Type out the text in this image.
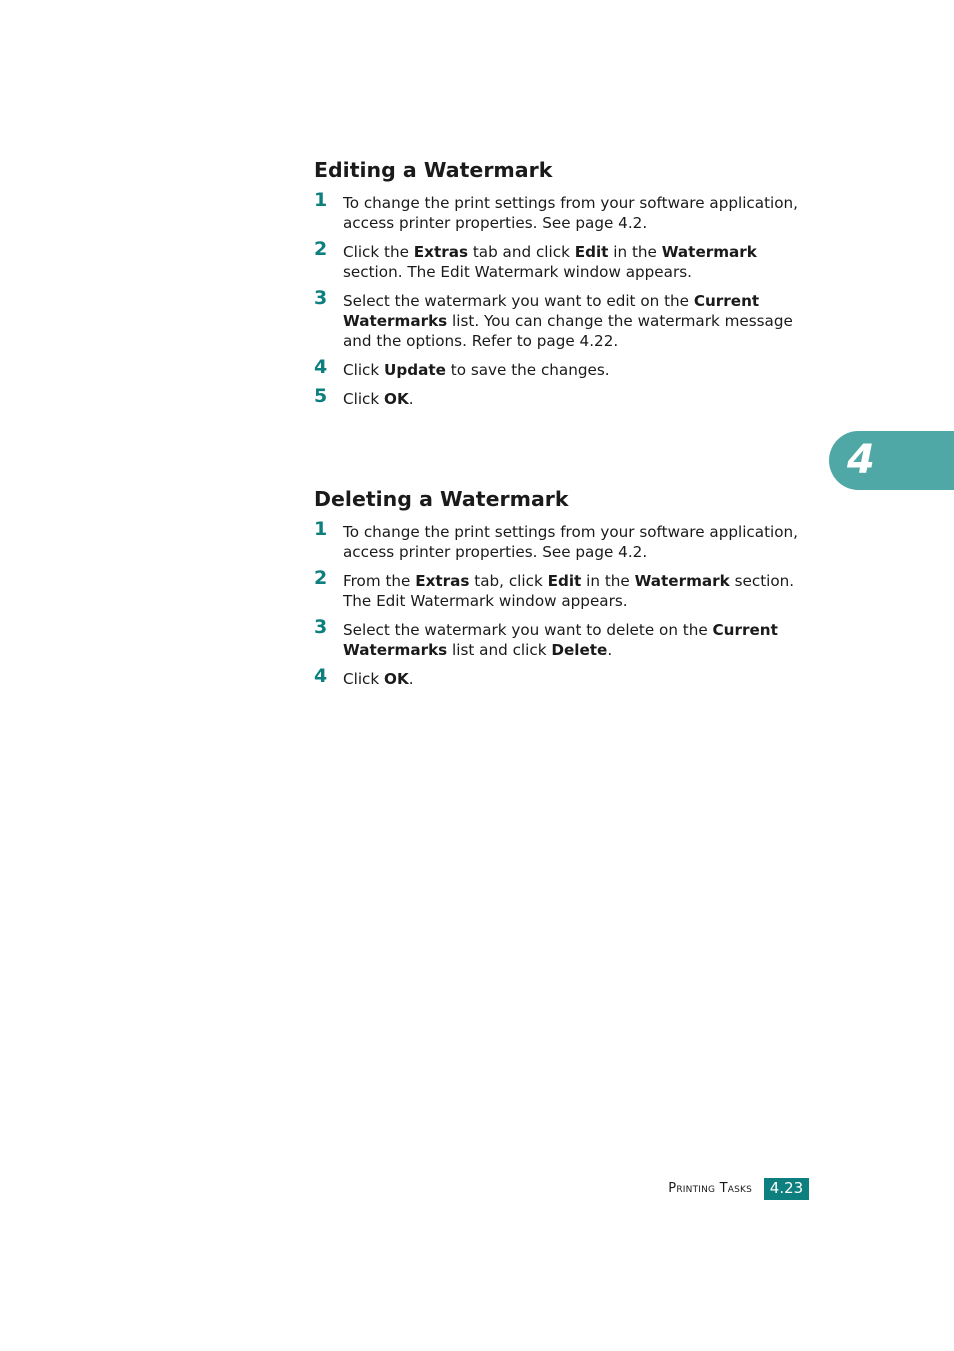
Editing a Watermark
1 To change the print settings from your software application, access printer properties. See page 4.2.
2 Click the Extras tab and click Edit in the Watermark section. The Edit Watermark window appears.
3 Select the watermark you want to edit on the Current Watermarks list. You can change the watermark message and the options. Refer to page 4.22.
4 Click Update to save the changes.
5 Click OK.
Deleting a Watermark
1 To change the print settings from your software application, access printer properties. See page 4.2.
2 From the Extras tab, click Edit in the Watermark section. The Edit Watermark window appears.
3 Select the watermark you want to delete on the Current Watermarks list and click Delete.
4 Click OK.
4
Printing Tasks	4.23
